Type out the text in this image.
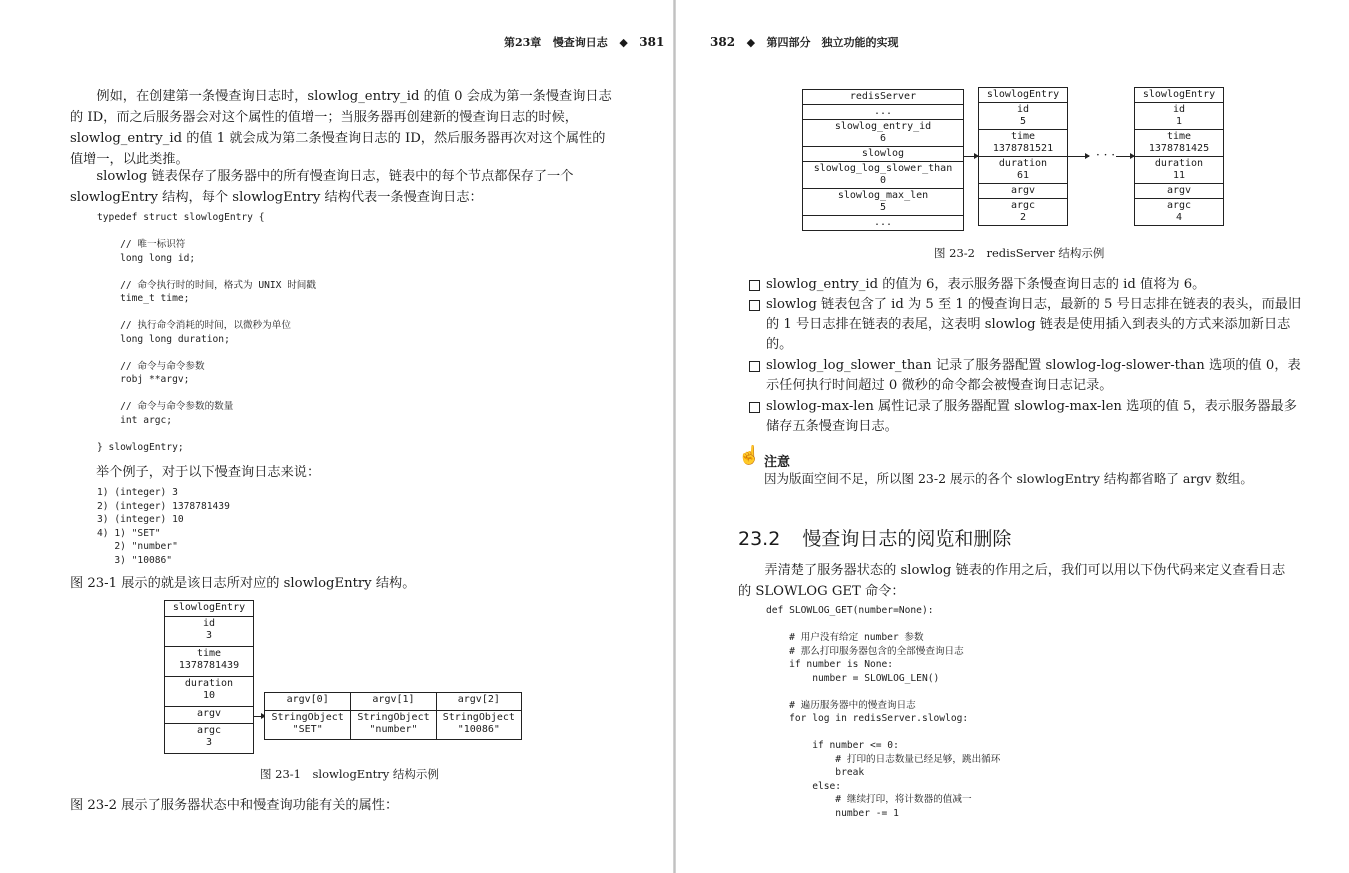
第23章 慢查询日志 ◆ 381

例如，在创建第一条慢查询日志时，slowlog_entry_id 的值 0 会成为第一条慢查询日志的 ID，而之后服务器会对这个属性的值增一；当服务器再创建新的慢查询日志的时候，slowlog_entry_id 的值 1 就会成为第二条慢查询日志的 ID，然后服务器再次对这个属性的值增一，以此类推。

slowlog 链表保存了服务器中的所有慢查询日志，链表中的每个节点都保存了一个 slowlogEntry 结构，每个 slowlogEntry 结构代表一条慢查询日志：

typedef struct slowlogEntry {
// 唯一标识符
long long id;
// 命令执行时的时间，格式为 UNIX 时间戳
time_t time;
// 执行命令消耗的时间，以微秒为单位
long long duration;
// 命令与命令参数
robj **argv;
// 命令与命令参数的数量
int argc;
} slowlogEntry;

举个例子，对于以下慢查询日志来说：

1) (integer) 3
2) (integer) 1378781439
3) (integer) 10
4) 1) "SET"
2) "number"
3) "10086"

图 23-1 展示的就是该日志所对应的 slowlogEntry 结构。

slowlogEntry
id
3
time
1378781439
duration
10
argv
argc
3
argv[0]	argv[1]	argv[2]
StringObject
"SET"
StringObject
"number"
StringObject
"10086"
图 23-1　slowlogEntry 结构示例

图 23-2 展示了服务器状态中和慢查询功能有关的属性：

382 ◆ 第四部分　独立功能的实现
redisServer
...
slowlog_entry_id
6
slowlog
slowlog_log_slower_than
0
slowlog_max_len
5
...
slowlogEntry
id
5
time
1378781521
duration
61
argv
argc
2
· · ·
slowlogEntry
id
1
time
1378781425
duration
11
argv
argc
4
图 23-2　redisServer 结构示例
slowlog_entry_id 的值为 6，表示服务器下条慢查询日志的 id 值将为 6。
slowlog 链表包含了 id 为 5 至 1 的慢查询日志，最新的 5 号日志排在链表的表头，而最旧的 1 号日志排在链表的表尾，这表明 slowlog 链表是使用插入到表头的方式来添加新日志的。
slowlog_log_slower_than 记录了服务器配置 slowlog-log-slower-than 选项的值 0，表示任何执行时间超过 0 微秒的命令都会被慢查询日志记录。
slowlog-max-len 属性记录了服务器配置 slowlog-max-len 选项的值 5，表示服务器最多储存五条慢查询日志。
☝ 注意

因为版面空间不足，所以图 23-2 展示的各个 slowlogEntry 结构都省略了 argv 数组。

23.2 慢查询日志的阅览和删除

弄清楚了服务器状态的 slowlog 链表的作用之后，我们可以用以下伪代码来定义查看日志的 SLOWLOG GET 命令：

def SLOWLOG_GET(number=None):
# 用户没有给定 number 参数
# 那么打印服务器包含的全部慢查询日志
if number is None:
number = SLOWLOG_LEN()
# 遍历服务器中的慢查询日志
for log in redisServer.slowlog:
if number <= 0:
# 打印的日志数量已经足够，跳出循环
break
else:
# 继续打印，将计数器的值减一
number -= 1
